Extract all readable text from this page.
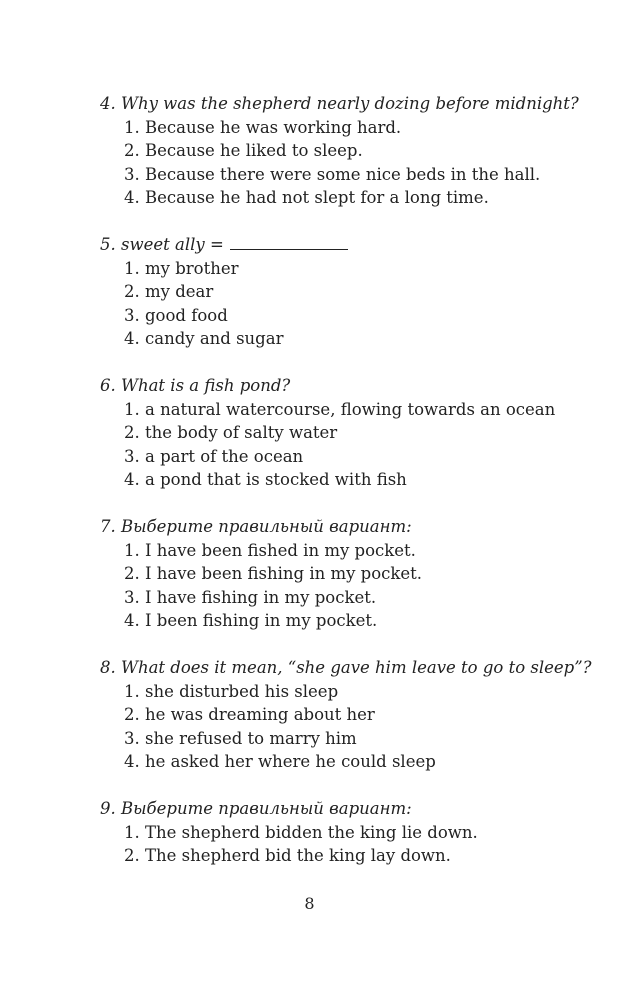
4. Why was the shepherd nearly dozing before midnight?
1. Because he was working hard.
2. Because he liked to sleep.
3. Because there were some nice beds in the hall.
4. Because he had not slept for a long time.
5. sweet ally =
1. my brother
2. my dear
3. good food
4. candy and sugar
6. What is a fish pond?
1. a natural watercourse, flowing towards an ocean
2. the body of salty water
3. a part of the ocean
4. a pond that is stocked with fish
7. Выберите правильный вариант:
1. I have been fished in my pocket.
2. I have been fishing in my pocket.
3. I have fishing in my pocket.
4. I been fishing in my pocket.
8. What does it mean, “she gave him leave to go to sleep”?
1. she disturbed his sleep
2. he was dreaming about her
3. she refused to marry him
4. he asked her where he could sleep
9. Выберите правильный вариант:
1. The shepherd bidden the king lie down.
2. The shepherd bid the king lay down.
8
